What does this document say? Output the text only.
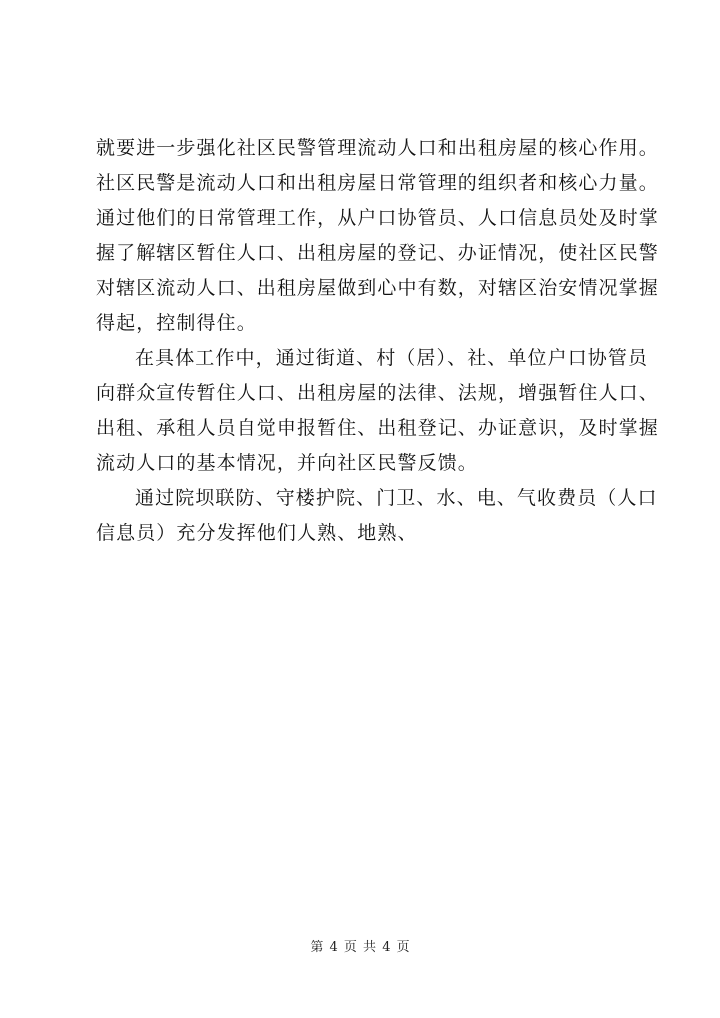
就要进一步强化社区民警管理流动人口和出租房屋的核心作用。
社区民警是流动人口和出租房屋日常管理的组织者和核心力量。
通过他们的日常管理工作，从户口协管员、人口信息员处及时掌
握了解辖区暂住人口、出租房屋的登记、办证情况，使社区民警
对辖区流动人口、出租房屋做到心中有数，对辖区治安情况掌握
得起，控制得住。
在具体工作中，通过街道、村（居）、社、单位户口协管员
向群众宣传暂住人口、出租房屋的法律、法规，增强暂住人口、
出租、承租人员自觉申报暂住、出租登记、办证意识，及时掌握
流动人口的基本情况，并向社区民警反馈。
通过院坝联防、守楼护院、门卫、水、电、气收费员（人口
信息员）充分发挥他们人熟、地熟、
第 4 页 共 4 页
